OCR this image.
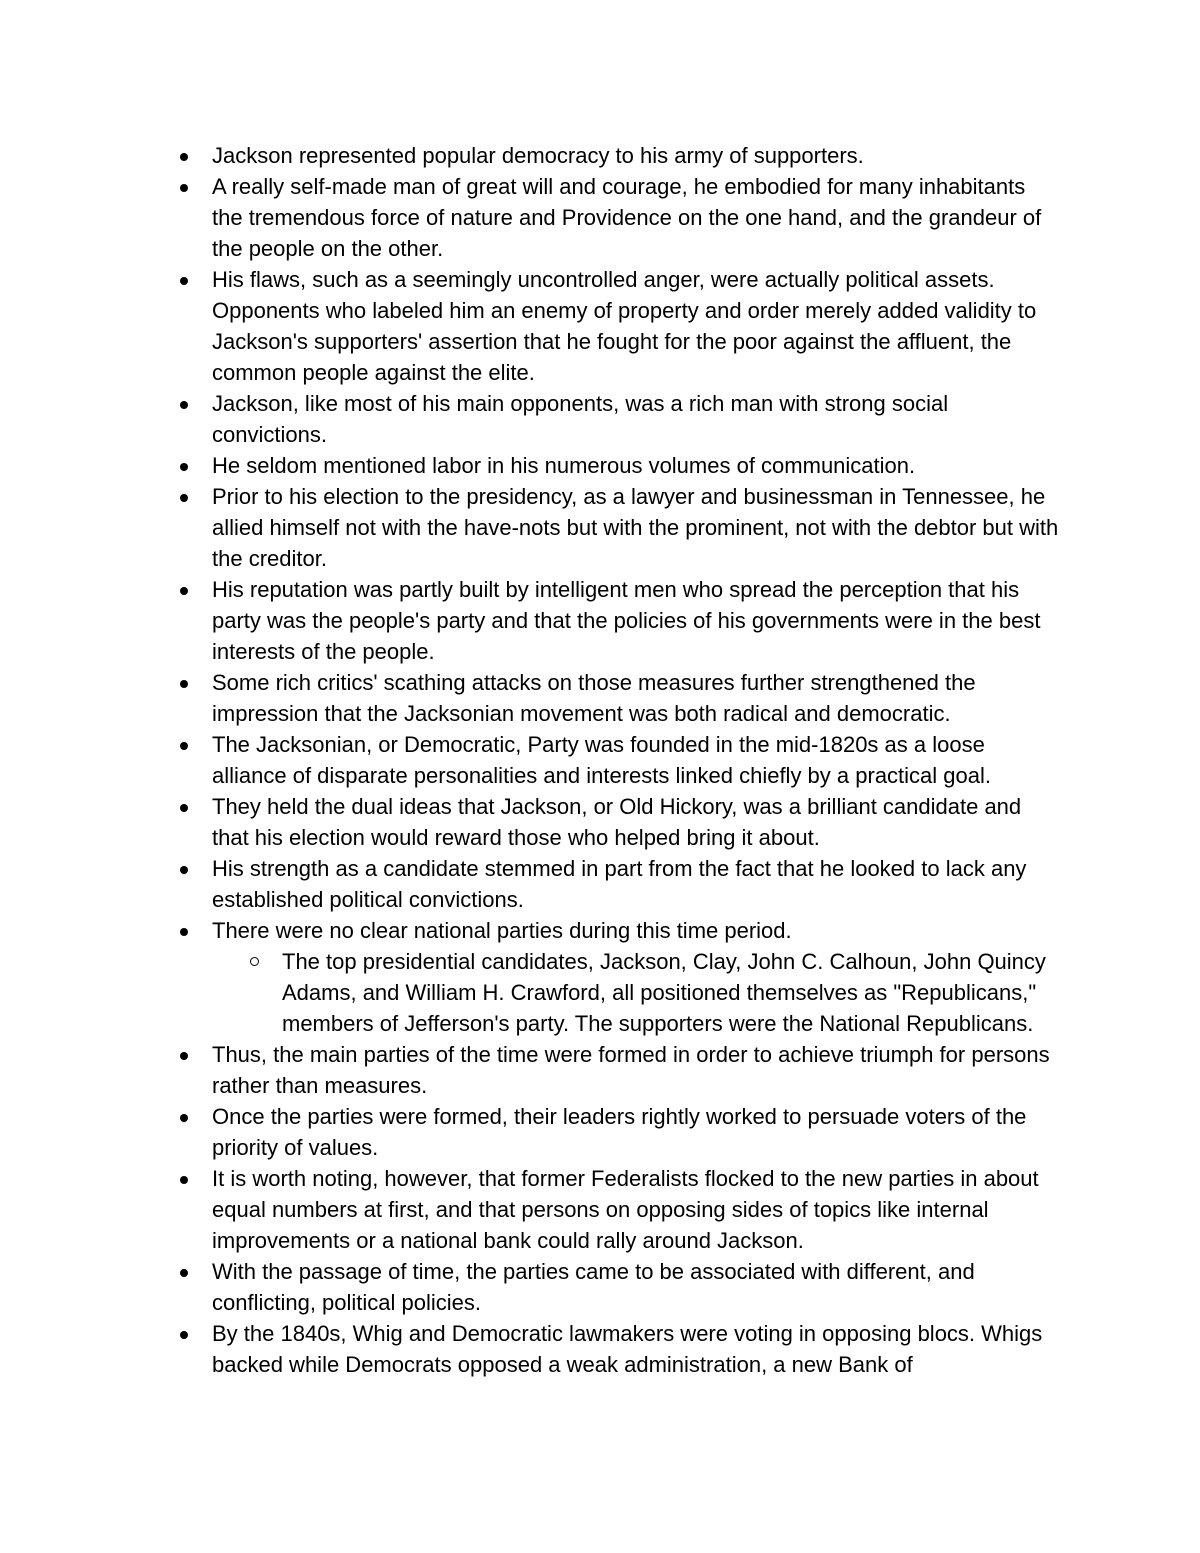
Jackson represented popular democracy to his army of supporters.
A really self-made man of great will and courage, he embodied for many inhabitants the tremendous force of nature and Providence on the one hand, and the grandeur of the people on the other.
His flaws, such as a seemingly uncontrolled anger, were actually political assets. Opponents who labeled him an enemy of property and order merely added validity to Jackson's supporters' assertion that he fought for the poor against the affluent, the common people against the elite.
Jackson, like most of his main opponents, was a rich man with strong social convictions.
He seldom mentioned labor in his numerous volumes of communication.
Prior to his election to the presidency, as a lawyer and businessman in Tennessee, he allied himself not with the have-nots but with the prominent, not with the debtor but with the creditor.
His reputation was partly built by intelligent men who spread the perception that his party was the people's party and that the policies of his governments were in the best interests of the people.
Some rich critics' scathing attacks on those measures further strengthened the impression that the Jacksonian movement was both radical and democratic.
The Jacksonian, or Democratic, Party was founded in the mid-1820s as a loose alliance of disparate personalities and interests linked chiefly by a practical goal.
They held the dual ideas that Jackson, or Old Hickory, was a brilliant candidate and that his election would reward those who helped bring it about.
His strength as a candidate stemmed in part from the fact that he looked to lack any established political convictions.
There were no clear national parties during this time period.
The top presidential candidates, Jackson, Clay, John C. Calhoun, John Quincy Adams, and William H. Crawford, all positioned themselves as "Republicans," members of Jefferson's party. The supporters were the National Republicans.
Thus, the main parties of the time were formed in order to achieve triumph for persons rather than measures.
Once the parties were formed, their leaders rightly worked to persuade voters of the priority of values.
It is worth noting, however, that former Federalists flocked to the new parties in about equal numbers at first, and that persons on opposing sides of topics like internal improvements or a national bank could rally around Jackson.
With the passage of time, the parties came to be associated with different, and conflicting, political policies.
By the 1840s, Whig and Democratic lawmakers were voting in opposing blocs. Whigs backed while Democrats opposed a weak administration, a new Bank of
